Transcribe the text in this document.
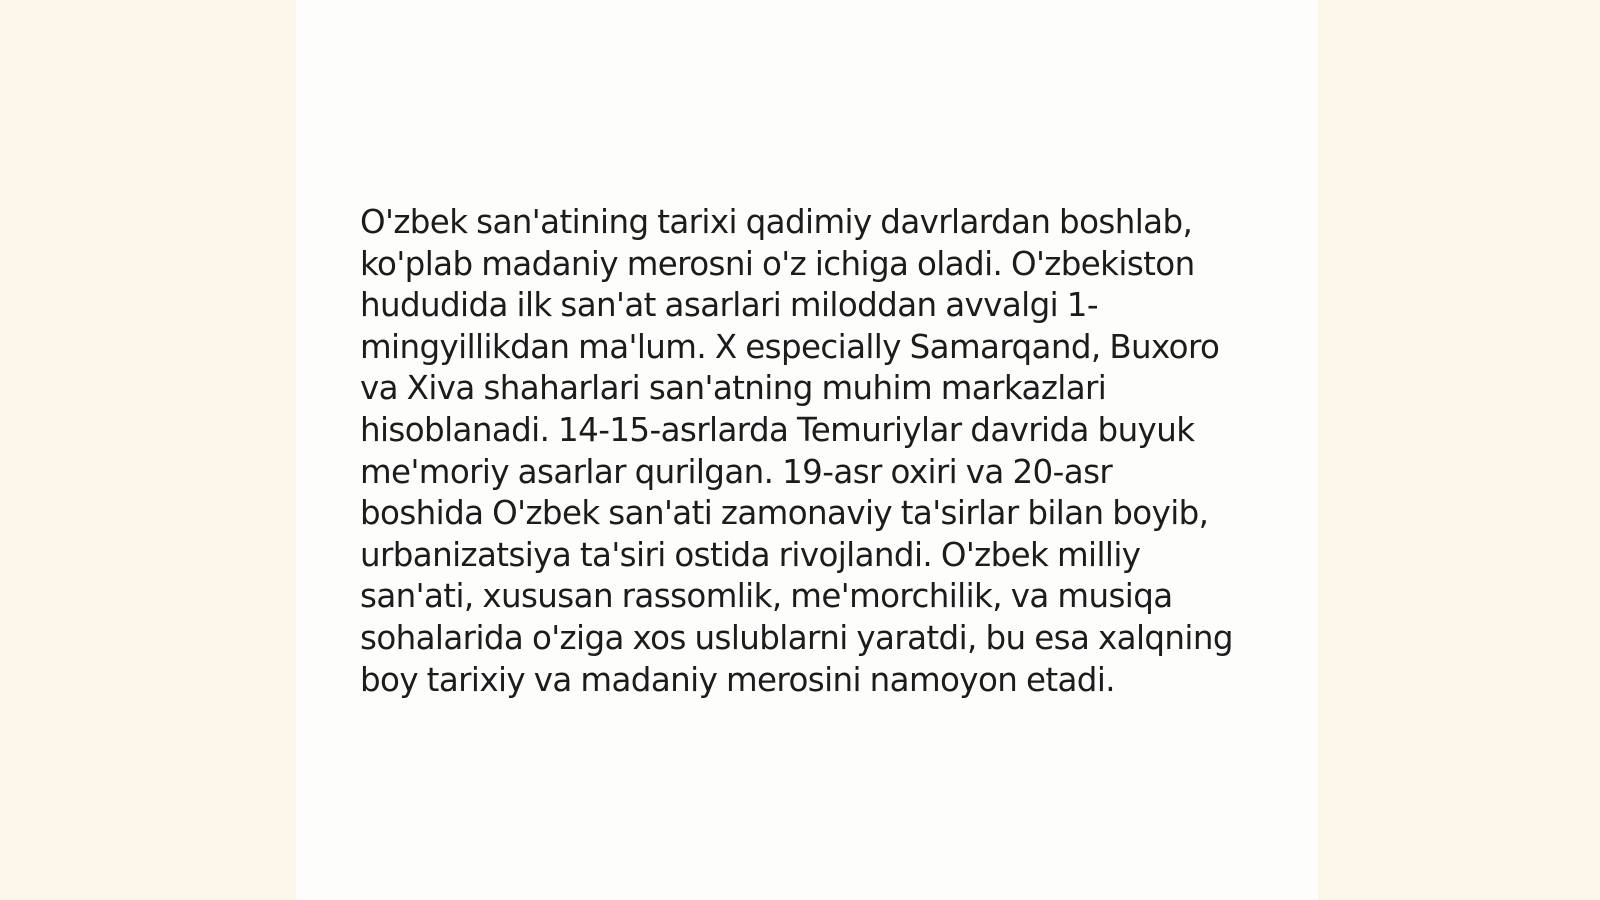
O'zbek san'atining tarixi qadimiy davrlardan boshlab, ko'plab madaniy merosni o'z ichiga oladi. O'zbekiston hududida ilk san'at asarlari miloddan avvalgi 1-mingyillikdan ma'lum. X especially Samarqand, Buxoro va Xiva shaharlari san'atning muhim markazlari hisoblanadi. 14-15-asrlarda Temuriylar davrida buyuk me'moriy asarlar qurilgan. 19-asr oxiri va 20-asr boshida O'zbek san'ati zamonaviy ta'sirlar bilan boyib, urbanizatsiya ta'siri ostida rivojlandi. O'zbek milliy san'ati, xususan rassomlik, me'morchilik, va musiqa sohalarida o'ziga xos uslublarni yaratdi, bu esa xalqning boy tarixiy va madaniy merosini namoyon etadi.
